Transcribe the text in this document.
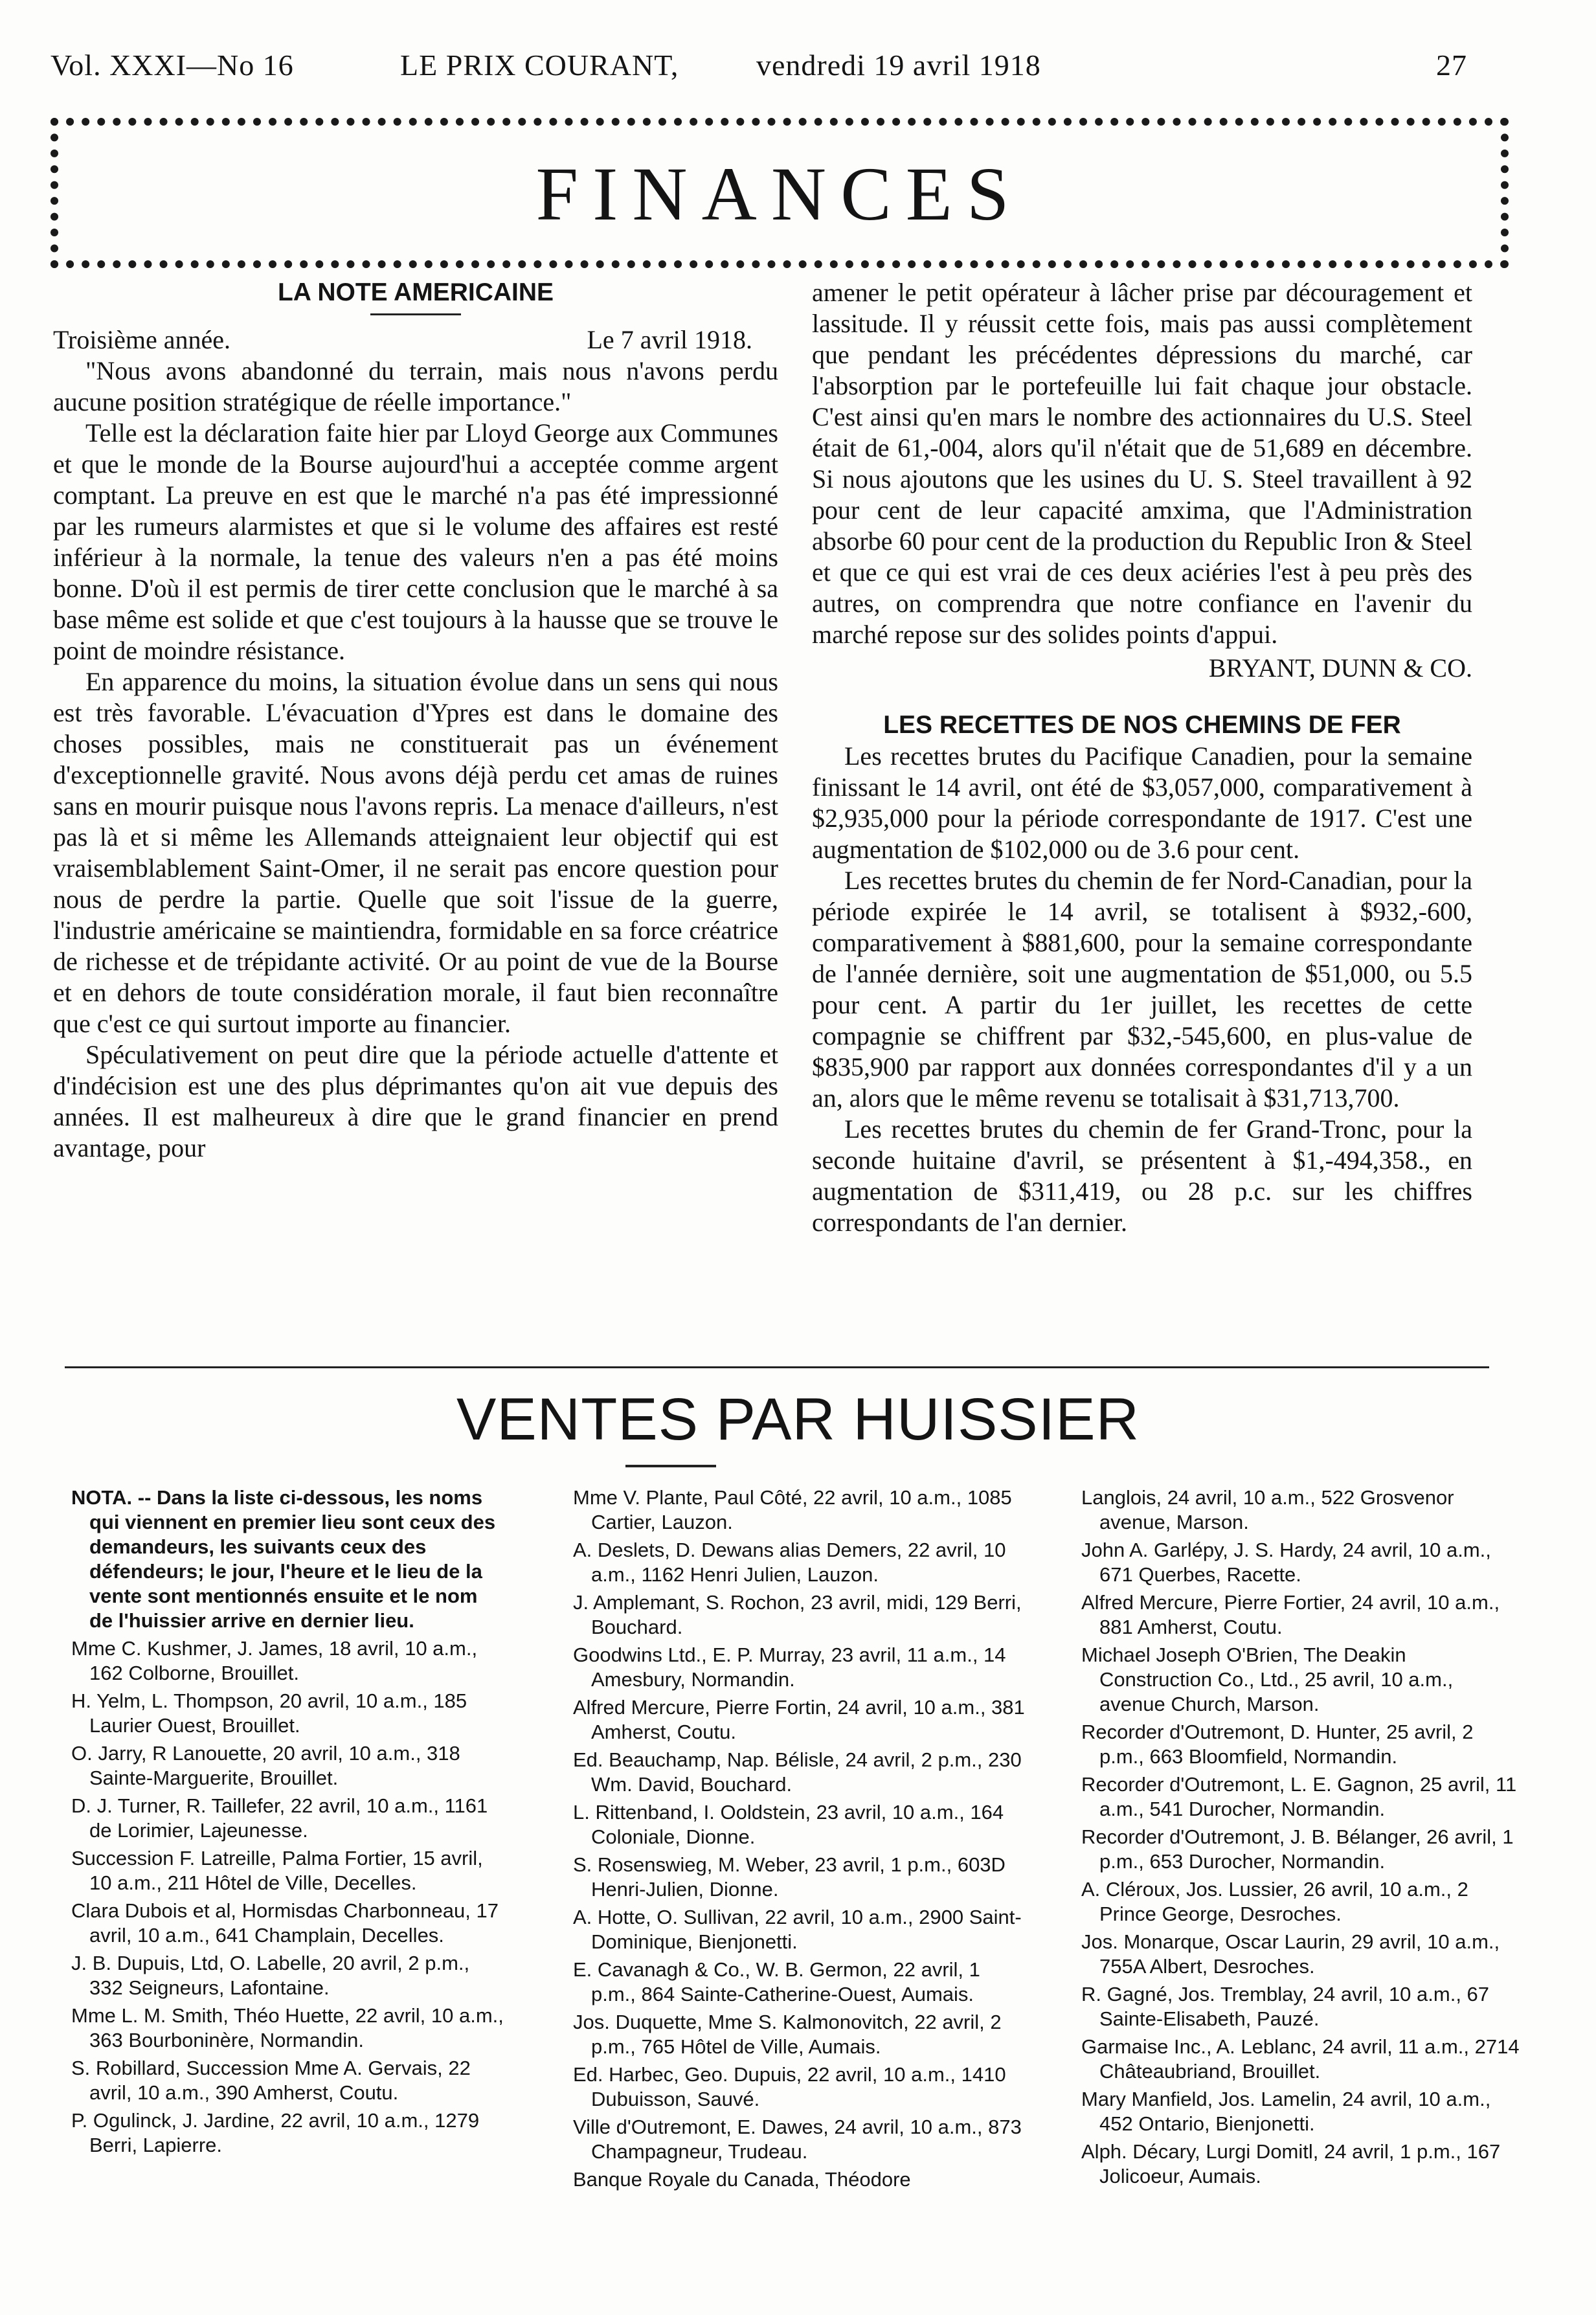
Vol. XXXI—No 16	LE PRIX COURANT,	vendredi 19 avril 1918	27
FINANCES

LA NOTE AMERICAINE

Troisième année.	Le 7 avril 1918.

"Nous avons abandonné du terrain, mais nous n'avons perdu aucune position stratégique de réelle importance."

Telle est la déclaration faite hier par Lloyd George aux Communes et que le monde de la Bourse aujourd'hui a acceptée comme argent comptant. La preuve en est que le marché n'a pas été impressionné par les rumeurs alarmistes et que si le volume des affaires est resté inférieur à la normale, la tenue des valeurs n'en a pas été moins bonne. D'où il est permis de tirer cette conclusion que le marché à sa base même est solide et que c'est toujours à la hausse que se trouve le point de moindre résistance.

En apparence du moins, la situation évolue dans un sens qui nous est très favorable. L'évacuation d'Ypres est dans le domaine des choses possibles, mais ne constituerait pas un événement d'exceptionnelle gravité. Nous avons déjà perdu cet amas de ruines sans en mourir puisque nous l'avons repris. La menace d'ailleurs, n'est pas là et si même les Allemands atteignaient leur objectif qui est vraisemblablement Saint-Omer, il ne serait pas encore question pour nous de perdre la partie. Quelle que soit l'issue de la guerre, l'industrie américaine se maintiendra, formidable en sa force créatrice de richesse et de trépidante activité. Or au point de vue de la Bourse et en dehors de toute considération morale, il faut bien reconnaître que c'est ce qui surtout importe au financier.

Spéculativement on peut dire que la période actuelle d'attente et d'indécision est une des plus déprimantes qu'on ait vue depuis des années. Il est malheureux à dire que le grand financier en prend avantage, pour

amener le petit opérateur à lâcher prise par découragement et lassitude. Il y réussit cette fois, mais pas aussi complètement que pendant les précédentes dépressions du marché, car l'absorption par le portefeuille lui fait chaque jour obstacle. C'est ainsi qu'en mars le nombre des actionnaires du U.S. Steel était de 61,-004, alors qu'il n'était que de 51,689 en décembre. Si nous ajoutons que les usines du U. S. Steel travaillent à 92 pour cent de leur capacité amxima, que l'Administration absorbe 60 pour cent de la production du Republic Iron & Steel et que ce qui est vrai de ces deux aciéries l'est à peu près des autres, on comprendra que notre confiance en l'avenir du marché repose sur des solides points d'appui.

BRYANT, DUNN & CO.

LES RECETTES DE NOS CHEMINS DE FER

Les recettes brutes du Pacifique Canadien, pour la semaine finissant le 14 avril, ont été de $3,057,000, comparativement à $2,935,000 pour la période correspondante de 1917. C'est une augmentation de $102,000 ou de 3.6 pour cent.

Les recettes brutes du chemin de fer Nord-Canadian, pour la période expirée le 14 avril, se totalisent à $932,-600, comparativement à $881,600, pour la semaine correspondante de l'année dernière, soit une augmentation de $51,000, ou 5.5 pour cent. A partir du 1er juillet, les recettes de cette compagnie se chiffrent par $32,-545,600, en plus-value de $835,900 par rapport aux données correspondantes d'il y a un an, alors que le même revenu se totalisait à $31,713,700.

Les recettes brutes du chemin de fer Grand-Tronc, pour la seconde huitaine d'avril, se présentent à $1,-494,358., en augmentation de $311,419, ou 28 p.c. sur les chiffres correspondants de l'an dernier.

VENTES PAR HUISSIER

NOTA. -- Dans la liste ci-dessous, les noms qui viennent en premier lieu sont ceux des demandeurs, les suivants ceux des défendeurs; le jour, l'heure et le lieu de la vente sont mentionnés ensuite et le nom de l'huissier arrive en dernier lieu.

Mme C. Kushmer, J. James, 18 avril, 10 a.m., 162 Colborne, Brouillet.

H. Yelm, L. Thompson, 20 avril, 10 a.m., 185 Laurier Ouest, Brouillet.

O. Jarry, R Lanouette, 20 avril, 10 a.m., 318 Sainte-Marguerite, Brouillet.

D. J. Turner, R. Taillefer, 22 avril, 10 a.m., 1161 de Lorimier, Lajeunesse.

Succession F. Latreille, Palma Fortier, 15 avril, 10 a.m., 211 Hôtel de Ville, Decelles.

Clara Dubois et al, Hormisdas Charbonneau, 17 avril, 10 a.m., 641 Champlain, Decelles.

J. B. Dupuis, Ltd, O. Labelle, 20 avril, 2 p.m., 332 Seigneurs, Lafontaine.

Mme L. M. Smith, Théo Huette, 22 avril, 10 a.m., 363 Bourboninère, Normandin.

S. Robillard, Succession Mme A. Gervais, 22 avril, 10 a.m., 390 Amherst, Coutu.

P. Ogulinck, J. Jardine, 22 avril, 10 a.m., 1279 Berri, Lapierre.

Mme V. Plante, Paul Côté, 22 avril, 10 a.m., 1085 Cartier, Lauzon.

A. Deslets, D. Dewans alias Demers, 22 avril, 10 a.m., 1162 Henri Julien, Lauzon.

J. Amplemant, S. Rochon, 23 avril, midi, 129 Berri, Bouchard.

Goodwins Ltd., E. P. Murray, 23 avril, 11 a.m., 14 Amesbury, Normandin.

Alfred Mercure, Pierre Fortin, 24 avril, 10 a.m., 381 Amherst, Coutu.

Ed. Beauchamp, Nap. Bélisle, 24 avril, 2 p.m., 230 Wm. David, Bouchard.

L. Rittenband, I. Ooldstein, 23 avril, 10 a.m., 164 Coloniale, Dionne.

S. Rosenswieg, M. Weber, 23 avril, 1 p.m., 603D Henri-Julien, Dionne.

A. Hotte, O. Sullivan, 22 avril, 10 a.m., 2900 Saint-Dominique, Bienjonetti.

E. Cavanagh & Co., W. B. Germon, 22 avril, 1 p.m., 864 Sainte-Catherine-Ouest, Aumais.

Jos. Duquette, Mme S. Kalmonovitch, 22 avril, 2 p.m., 765 Hôtel de Ville, Aumais.

Ed. Harbec, Geo. Dupuis, 22 avril, 10 a.m., 1410 Dubuisson, Sauvé.

Ville d'Outremont, E. Dawes, 24 avril, 10 a.m., 873 Champagneur, Trudeau.

Banque Royale du Canada, Théodore

Langlois, 24 avril, 10 a.m., 522 Grosvenor avenue, Marson.

John A. Garlépy, J. S. Hardy, 24 avril, 10 a.m., 671 Querbes, Racette.

Alfred Mercure, Pierre Fortier, 24 avril, 10 a.m., 881 Amherst, Coutu.

Michael Joseph O'Brien, The Deakin Construction Co., Ltd., 25 avril, 10 a.m., avenue Church, Marson.

Recorder d'Outremont, D. Hunter, 25 avril, 2 p.m., 663 Bloomfield, Normandin.

Recorder d'Outremont, L. E. Gagnon, 25 avril, 11 a.m., 541 Durocher, Normandin.

Recorder d'Outremont, J. B. Bélanger, 26 avril, 1 p.m., 653 Durocher, Normandin.

A. Cléroux, Jos. Lussier, 26 avril, 10 a.m., 2 Prince George, Desroches.

Jos. Monarque, Oscar Laurin, 29 avril, 10 a.m., 755A Albert, Desroches.

R. Gagné, Jos. Tremblay, 24 avril, 10 a.m., 67 Sainte-Elisabeth, Pauzé.

Garmaise Inc., A. Leblanc, 24 avril, 11 a.m., 2714 Châteaubriand, Brouillet.

Mary Manfield, Jos. Lamelin, 24 avril, 10 a.m., 452 Ontario, Bienjonetti.

Alph. Décary, Lurgi Domitl, 24 avril, 1 p.m., 167 Jolicoeur, Aumais.
